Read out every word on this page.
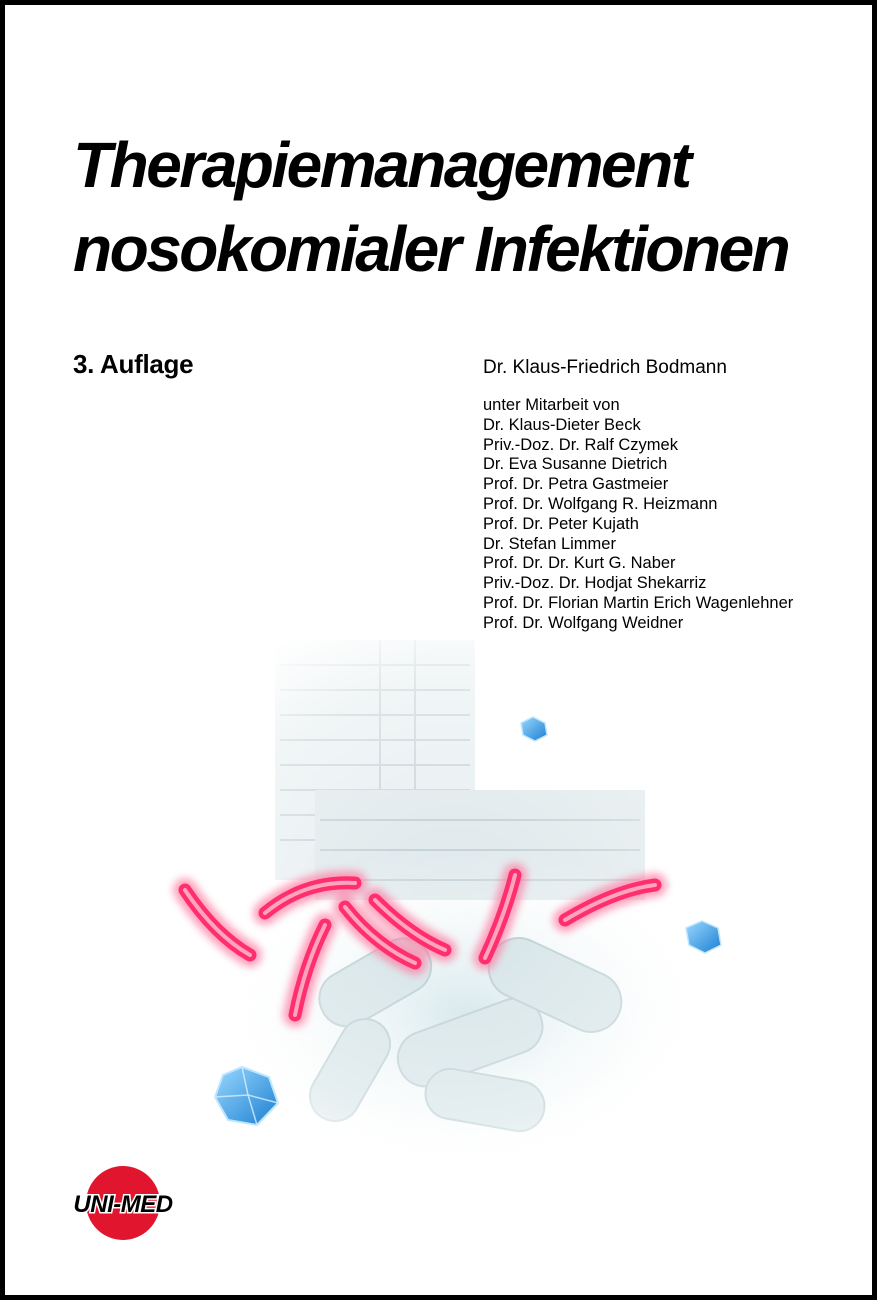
Therapiemanagement
nosokomialer Infektionen
3. Auflage	Dr. Klaus-Friedrich Bodmann
unter Mitarbeit von
Dr. Klaus-Dieter Beck
Priv.-Doz. Dr. Ralf Czymek
Dr. Eva Susanne Dietrich
Prof. Dr. Petra Gastmeier
Prof. Dr. Wolfgang R. Heizmann
Prof. Dr. Peter Kujath
Dr. Stefan Limmer
Prof. Dr. Dr. Kurt G. Naber
Priv.-Doz. Dr. Hodjat Shekarriz
Prof. Dr. Florian Martin Erich Wagenlehner
Prof. Dr. Wolfgang Weidner
UNI-MED
